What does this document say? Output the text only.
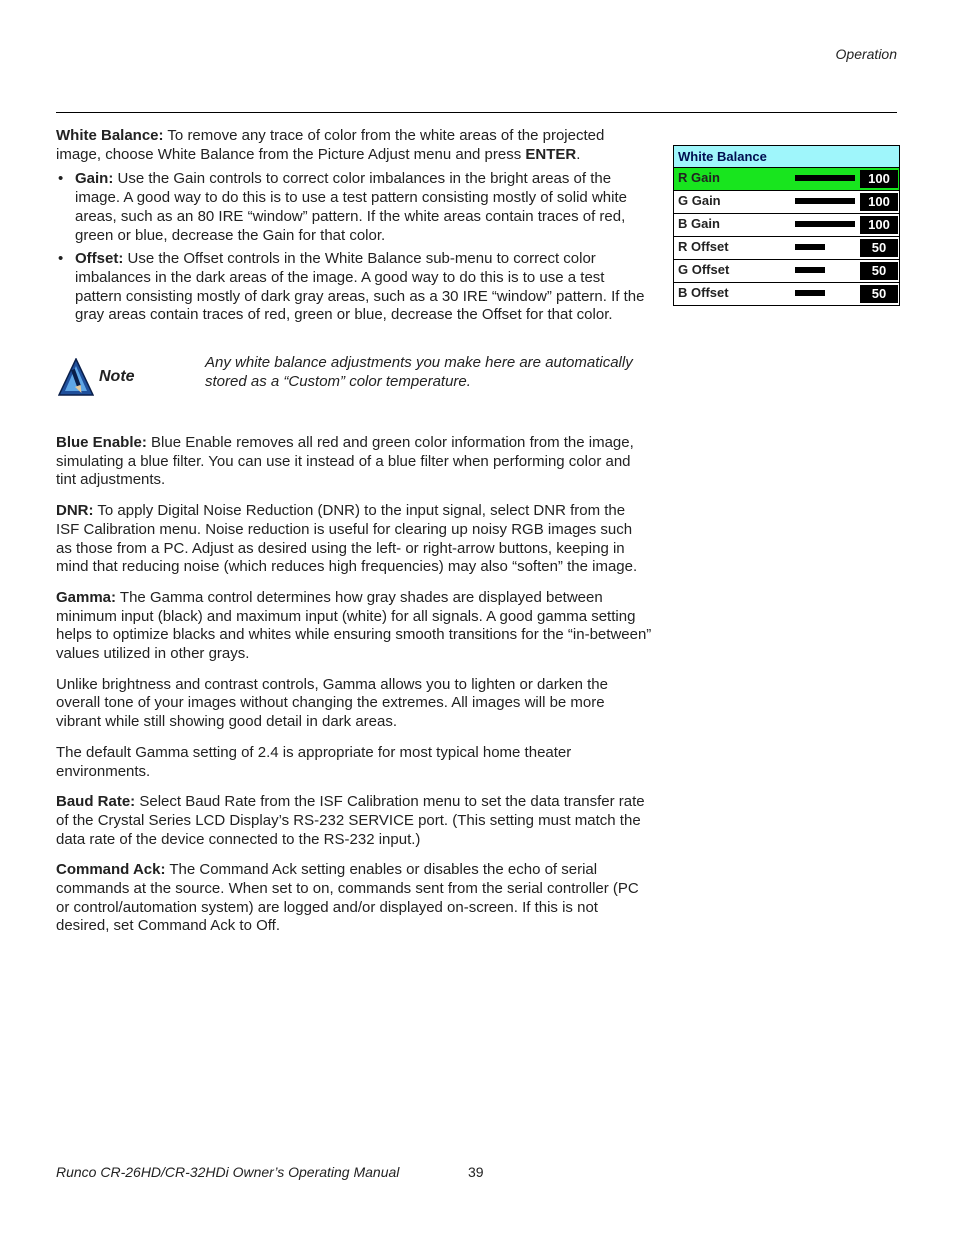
Operation

White Balance: To remove any trace of color from the white areas of the projected image, choose White Balance from the Picture Adjust menu and press ENTER.

• Gain: Use the Gain controls to correct color imbalances in the bright areas of the image. A good way to do this is to use a test pattern consisting mostly of solid white areas, such as an 80 IRE “window” pattern. If the white areas contain traces of red, green or blue, decrease the Gain for that color.
• Offset: Use the Offset controls in the White Balance sub-menu to correct color imbalances in the dark areas of the image. A good way to do this is to use a test pattern consisting mostly of dark gray areas, such as a 30 IRE “window” pattern. If the gray areas contain traces of red, green or blue, decrease the Offset for that color.
Note
Any white balance adjustments you make here are automatically stored as a “Custom” color temperature.

Blue Enable: Blue Enable removes all red and green color information from the image, simulating a blue filter. You can use it instead of a blue filter when performing color and tint adjustments.

DNR: To apply Digital Noise Reduction (DNR) to the input signal, select DNR from the ISF Calibration menu. Noise reduction is useful for clearing up noisy RGB images such as those from a PC. Adjust as desired using the left- or right-arrow buttons, keeping in mind that reducing noise (which reduces high frequencies) may also “soften” the image.

Gamma: The Gamma control determines how gray shades are displayed between minimum input (black) and maximum input (white) for all signals. A good gamma setting helps to optimize blacks and whites while ensuring smooth transitions for the “in-between” values utilized in other grays.

Unlike brightness and contrast controls, Gamma allows you to lighten or darken the overall tone of your images without changing the extremes. All images will be more vibrant while still showing good detail in dark areas.

The default Gamma setting of 2.4 is appropriate for most typical home theater environments.

Baud Rate: Select Baud Rate from the ISF Calibration menu to set the data transfer rate of the Crystal Series LCD Display’s RS-232 SERVICE port. (This setting must match the data rate of the device connected to the RS-232 input.)

Command Ack: The Command Ack setting enables or disables the echo of serial commands at the source. When set to on, commands sent from the serial controller (PC or control/automation system) are logged and/or displayed on-screen. If this is not desired, set Command Ack to Off.

White Balance
R Gain	100
G Gain	100
B Gain	100
R Offset	50
G Offset	50
B Offset	50
Runco CR-26HD/CR-32HDi Owner’s Operating Manual	39
